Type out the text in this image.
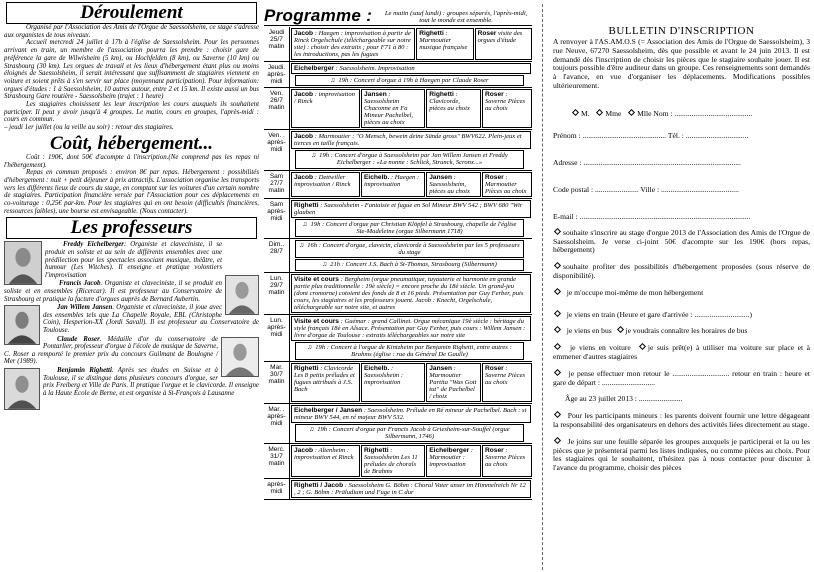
Déroulement

Organisé par l'Association des Amis de l'Orgue de Saessolsheim, ce stage s'adresse aux organistes de tous niveaux.

Accueil mercredi 24 juillet à 17h à l'église de Saessolsheim. Pour les personnes arrivant en train, un membre de l'association pourra les prendre : choisir gare de préférence la gare de Wilwisheim (5 km), ou Hochfelden (8 km), ou Saverne (10 km) ou Strasbourg (30 km). Les orgues de travail et les lieux d'hébergement étant plus ou moins éloignés de Saessolsheim, il serait intéressant que suffisamment de stagiaires viennent en voiture et soient prêts à s'en servir sur place (moyennant participation). Pour information: orgues d'études : 1 à Saessolsheim, 10 autres autour, entre 2 et 15 km. Il existe aussi un bus Strasbourg Gare routière - Saessolsheim (trajet : 1 heure)

Les stagiaires choisissent les leur inscription les cours auxquels ils souhaitent participer. Il peut y avoir jusqu'à 4 groupes. Le matin, cours en groupes, l'après-midi : cours en commun.

– jeudi 1er juillet (ou la veille au soir) : retour des stagiaires.

Coût, hébergement...

Coût : 190€, dont 50€ d'acompte à l'inscription.(Ne comprend pas les repas ni l'hébergement).

Repas en commun proposés : environ 8€ par repas. Hébergement : possibilités d'hébergement : nuit + petit déjeuner à prix attractifs. L'association organise les transports vers les différents lieux de cours du stage, en comptant sur les voitures d'un certain nombre de stagiaires. Participation financière versée par l'Association pour ces déplacements en co-voiturage : 0,25€ par-km. Pour les stagiaires qui en ont besoin (difficultés financières, ressources faibles), une bourse est envisageable. (Nous contacter).

Les professeurs

Freddy Eichelberger: Organiste et claveciniste, il se produit en soliste et au sein de différents ensembles avec une prédilection pour les spectacles associant musique, théâtre, et humour (Les Witches). Il enseigne et pratique volontiers l'improvisation

Francis Jacob. Organiste et claveciniste, il se produit en soliste et en ensembles (Ricercar). Il est professeur au Conservatoire de Strasbourg et pratique la facture d'orgues auprès de Bernard Aubertin.

Jan Willem Jansen. Organiste et claveciniste, il joue avec des ensembles tels que La Chapelle Royale, EBL (Christophe Coin), Hesperion-XX (Jordi Savall). Il est professeur au Conservatoire de Toulouse.

Claude Roser. Médaille d'or du conservatoire de Pontarlier, professeur d'orgue à l'école de musique de Saverne, C. Roser a remporté le premier prix du concours Guilmant de Boulogne / Mer (1989).

Benjamin Righetti. Après ses études en Suisse et à Toulouse, il se distingue dans plusieurs concours d'orgue, ser prix Freiberg et Ville de Paris. Il pratique l'orgue et le clavicorde. Il enseigne à la Haute École de Berne, et est organiste à St-François à Lausanne

Programme :	Le matin (sauf lundi) : groupes séparés, l'après-midi, tout le monde est ensemble.
Jeudi 25/7 matin
Jacob : Haegen : improvisation à partir de Rinck Orgelschule (téléchargeable sur notre site) : choisir des extraits ; pour F71 à 80 : les introductions, pas les fugues
Righetti : Marmoutier musique française
Roser visite des orgues d'étude
Jeudi. après-midi
Eichelberger : Saessolsheim. Improvisation
♫ 19h : Concert d'orgue à 19h à Haegen par Claude Roser
Ven. 26/7 matin
Jacob : improvisation / Rinck
Jansen : Saessolsheim Chaconne en Fa Mineur Pachelbel, pièces au choix
Righetti : Clavicorde, pièces au choix
Roser : Saverne Pièces au choix
Ven. . après-midi
Jacob : Marmoutier : "O Mensch, bewein deine Sünde gross" BWV622. Plein-jeux et tierces en taille français.
♫ 19h : Concert d'orgue à Saessolsheim par Jan Willem Jansen et Freddy Eichelberger : «La nonne : Schlick, Strunck, Scronx...»
Sam 27/7 matin
Jacob : Dettwiller improvisation / Rinck
Eichelb. : Haegen : improvisation
Jansen : Saessolsheim, pièces au choix
Roser : Marmoutier Pièces au choix
Sam après-midi
Righetti : Saessolsheim - Fantaisie et fugue en Sol Mineur BWV 542 ; BWV 680 "Wir glauben
♫ 19h : Concert d'orgue par Christian Klöpfel à Strasbourg, chapelle de l'église Ste-Madeleine (orgue Silbermann 1718)
Dim.. 28/7
♫ 16h : Concert d'orgue, clavecin, clavicorde à Saessolsheim par les 5 professeurs du stage
♫ 21h : Concert J.S. Bach à St-Thomas, Strasbourg (Silbermann)
Lun. 29/7 matin
Visite et cours : Bergheim (orgue pneumatique, tuyauterie et harmonie en grande partie plus traditionnelle : 19è siècle) = encore proche du 18è siècle. Un grand-jeu (dont cromorne) cotoient des fonds de 8 et 16 pieds. Présentation par Guy Ferber, puis cours, les stagiaires et les professeurs jouent. Jacob : Knecht, Orgelschule, téléchargeable sur notre site, et autres
Lun. après-midi
Visite et cours : Guémar : grand Callinet. Orgue mécanique 19è siècle : héritage du style français 18è en Alsace. Présentation par Guy Ferber, puis cours : Willem Jansen : livre d'orgue de Toulouse : extraits téléchargeables sur notre site
♫ 19h : Concert à l'orgue de Kintzheim par Benjamin Righetti, entre autres : Brahms (église : rue du Général De Gaulle)
Mar. 30/7 matin
Righetti : Clavicorde Les 8 petits préludes et fugues attribués à J.S. Bach
Eichelb. : Saessolsheim : improvisation
Jansen : Marmoutier Partita "Was Gott tut" de Pachelbel / choix
Roser : Saverne Pièces au choix
Mar. . après-midi
Eichelberger / Jansen : Saessolsheim. Prélude en Ré mineur de Pachelbel. Bach : si mineur BWV 544, en ré majeur BWV 532.
♫ 19h : Concert d'orgue par Francis Jacob à Griesheim-sur-Souffel (orgue Silbermann, 1746)
Merc. 31/7 matin
Jacob : Altenheim : improvisation et Rinck
Righetti : Saessolsheim Les 11 préludes de chorals de Brahms
Eichelberger : Marmoutier : improvisation
Roser : Saverne Pièces au choix
après-midi
Righetti / Jacob : Saessolsheim G. Böhm : Choral Vater unser im Himmelreich Nr 12 , 2 ; G. Böhm : Präludium und Fuge in C dur
BULLETIN D'INSCRIPTION

A renvoyer à l'AS.AM.O.S (= Association des Amis de l'Orgue de Saessolsheim), 3 rue Neuve, 67270 Saessolsheim, dès que possible et avant le 24 juin 2013. Il est demandé dès l'inscription de choisir les pièces que le stagiaire souhaite jouer. Il est toujours possible d'être auditeur dans un groupe. Ces renseignements sont demandés à l'avance, en vue d'organiser les déplacements. Modifications possibles ultérieurement.

M. Mme Mlle Nom : .........................................
Prénom : ............................................ Tél. : .................................
Adresse : ...................................................................................
Code postal : ....................... Ville : .........................................
E-mail : ..........................................................................................

souhaite s'inscrire au stage d'orgue 2013 de l'Association des Amis de l'Orgue de Saessolsheim. Je verse ci-joint 50€ d'acompte sur les 190€ (hors repas, hébergement)

souhaite profiter des possibilités d'hébergement proposées (sous réserve de disponibilité).

je m'occupe moi-même de mon hébergement

je viens en train (Heure et gare d'arrivée : .............................)

je viens en bus je voudrais connaître les horaires de bus

je viens en voiture je suis prêt(e) à utiliser ma voiture sur place et à emmener d'autres stagiaires

je pense effectuer mon retour le .............................. retour en train : heure et gare de départ : ............................

Âge au 23 juillet 2013 : .......................

Pour les participants mineurs : les parents doivent fournir une lettre dégageant la responsabilité des organisateurs en dehors des activités liées directement au stage.

Je joins sur une feuille séparée les groupes auxquels je participerai et la ou les pièces que je présenterai parmi les listes indiquées, ou comme pièces au choix. Pour les stagiaires qui le souhaitent, n'hésitez pas à nous contacter pour discuter à l'avance du programme, choisir des pièces
